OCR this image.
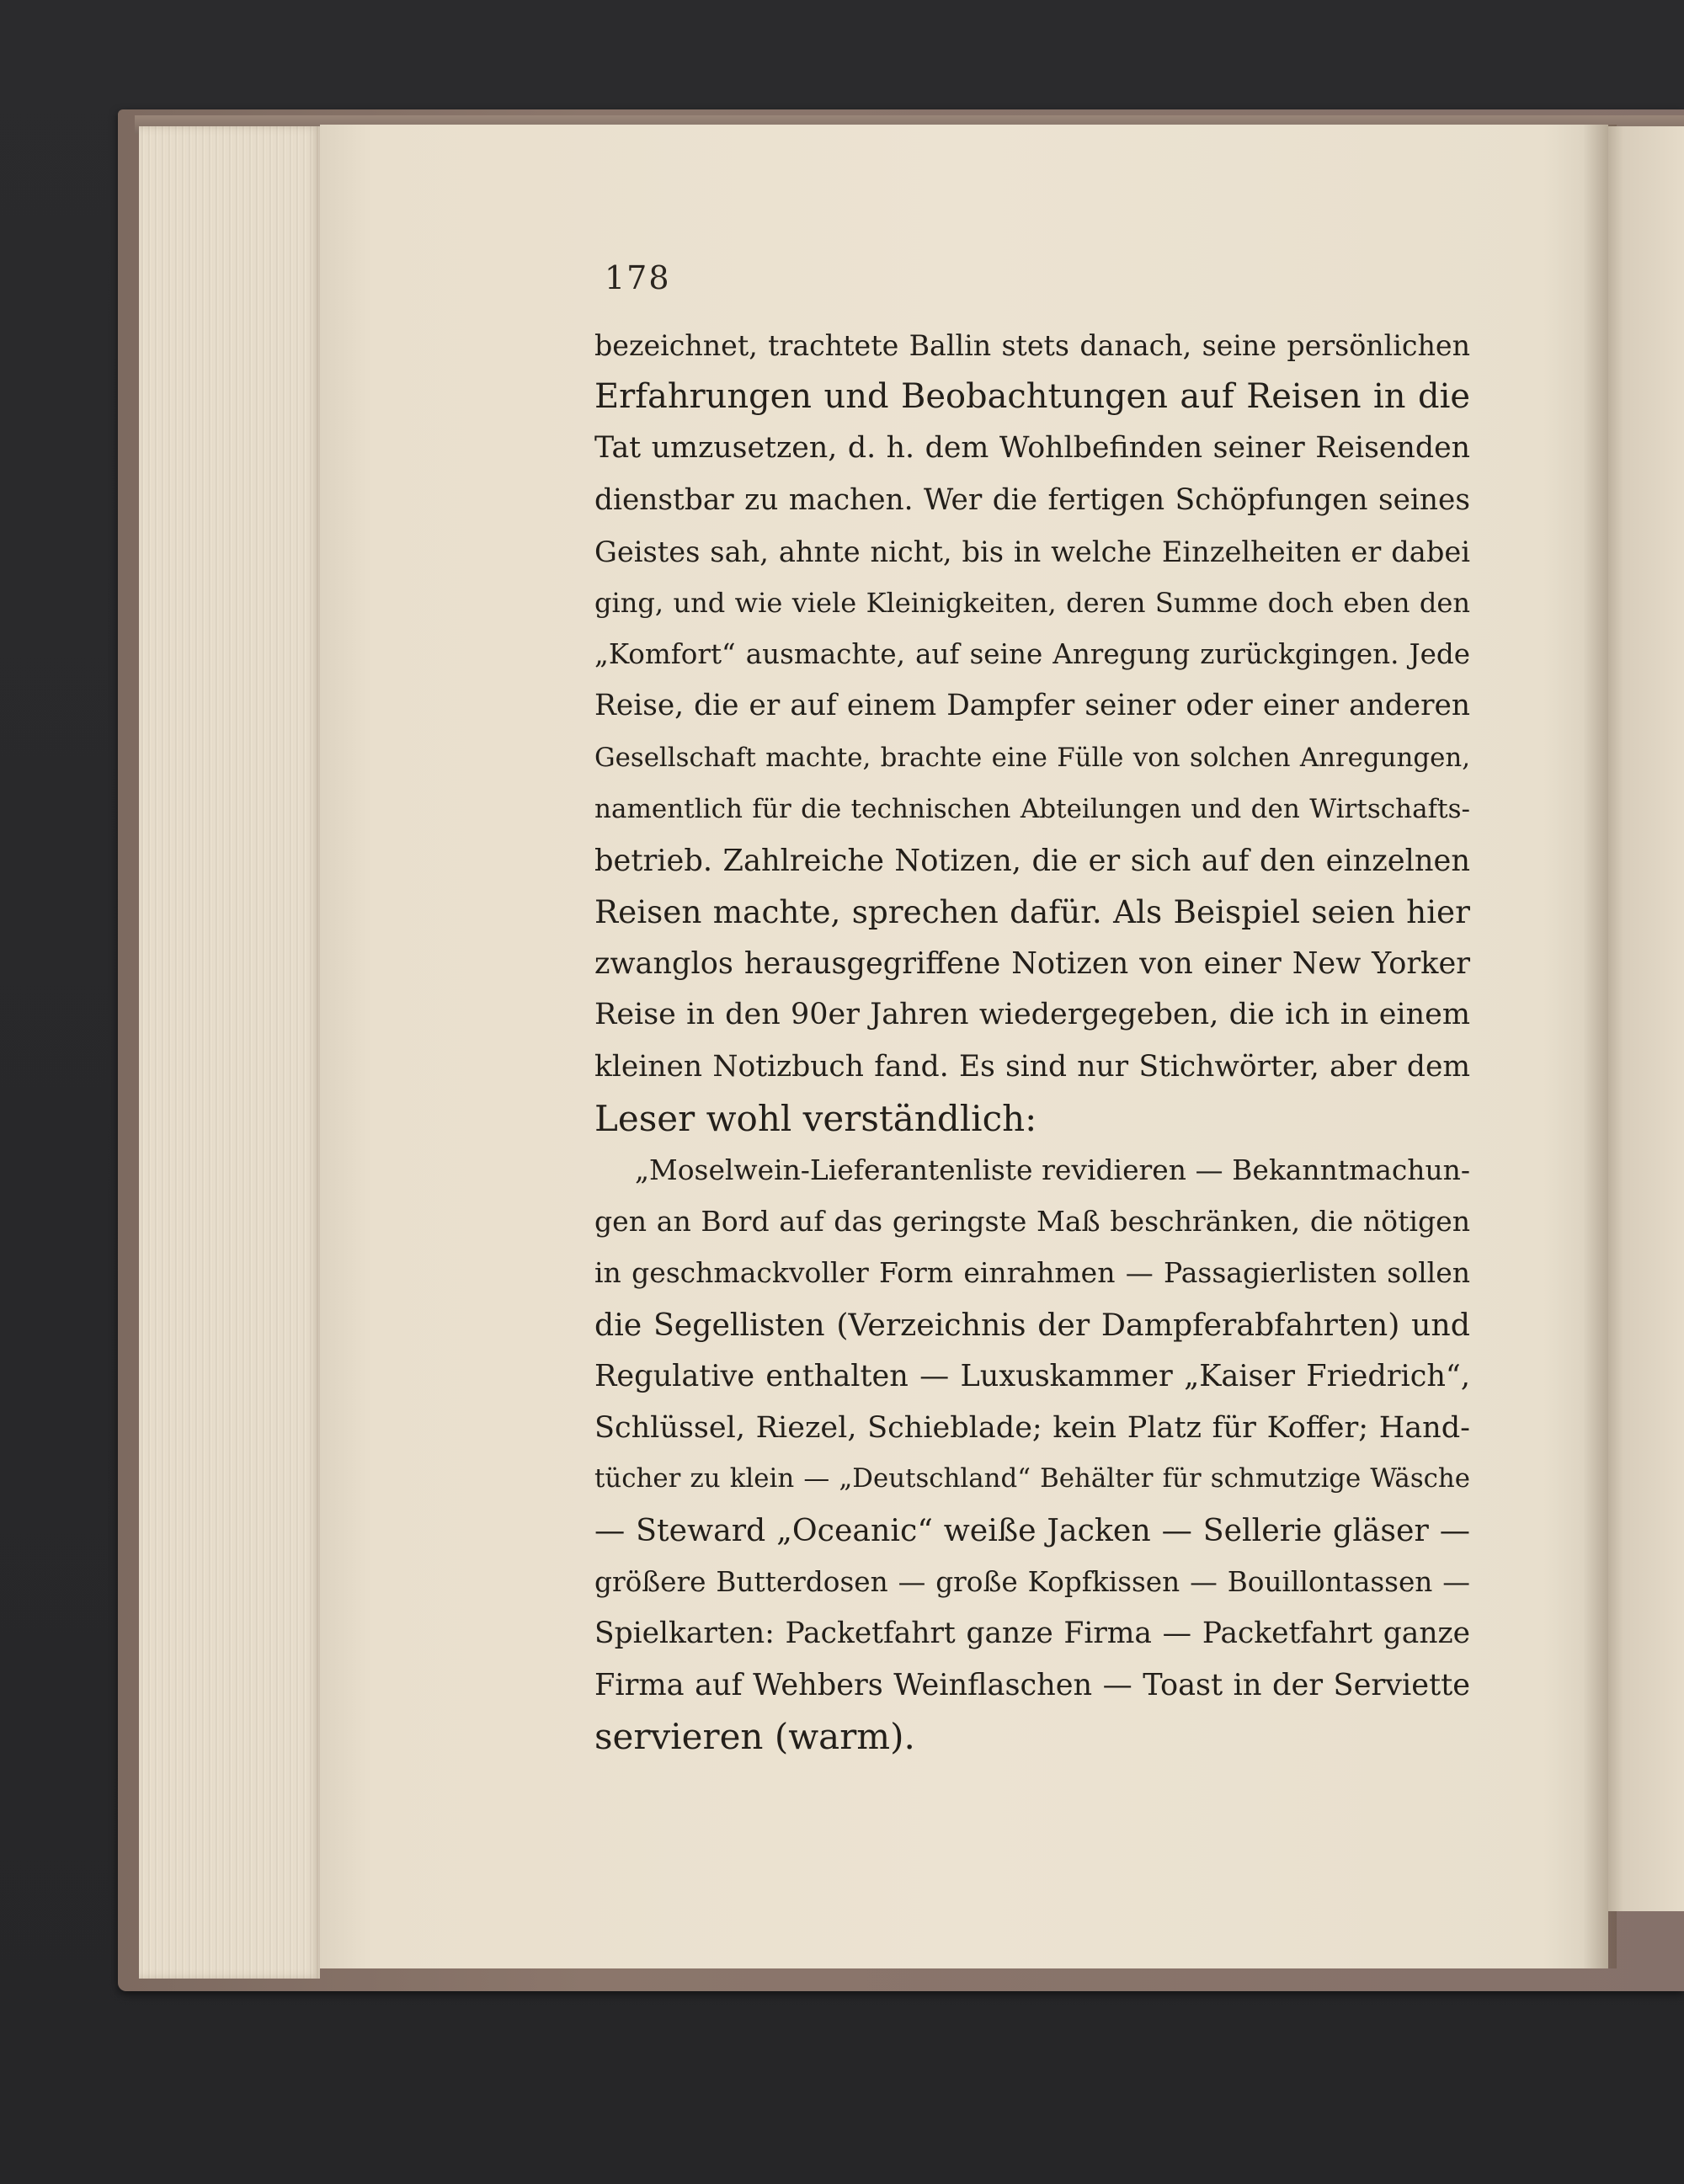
178
bezeichnet, trachtete Ballin stets danach, seine persönlichen
Erfahrungen und Beobachtungen auf Reisen in die
Tat umzusetzen, d. h. dem Wohlbefinden seiner Reisenden
dienstbar zu machen. Wer die fertigen Schöpfungen seines
Geistes sah, ahnte nicht, bis in welche Einzelheiten er dabei
ging, und wie viele Kleinigkeiten, deren Summe doch eben den
„Komfort“ ausmachte, auf seine Anregung zurückgingen. Jede
Reise, die er auf einem Dampfer seiner oder einer anderen
Gesellschaft machte, brachte eine Fülle von solchen Anregungen,
namentlich für die technischen Abteilungen und den Wirtschafts-
betrieb. Zahlreiche Notizen, die er sich auf den einzelnen
Reisen machte, sprechen dafür. Als Beispiel seien hier
zwanglos herausgegriffene Notizen von einer New Yorker
Reise in den 90er Jahren wiedergegeben, die ich in einem
kleinen Notizbuch fand. Es sind nur Stichwörter, aber dem
Leser wohl verständlich:
„Moselwein-Lieferantenliste revidieren — Bekanntmachun-
gen an Bord auf das geringste Maß beschränken, die nötigen
in geschmackvoller Form einrahmen — Passagierlisten sollen
die Segellisten (Verzeichnis der Dampferabfahrten) und
Regulative enthalten — Luxuskammer „Kaiser Friedrich“,
Schlüssel, Riezel, Schieblade; kein Platz für Koffer; Hand-
tücher zu klein — „Deutschland“ Behälter für schmutzige Wäsche
— Steward „Oceanic“ weiße Jacken — Sellerie gläser —
größere Butterdosen — große Kopfkissen — Bouillontassen —
Spielkarten: Packetfahrt ganze Firma — Packetfahrt ganze
Firma auf Wehbers Weinflaschen — Toast in der Serviette
servieren (warm).
